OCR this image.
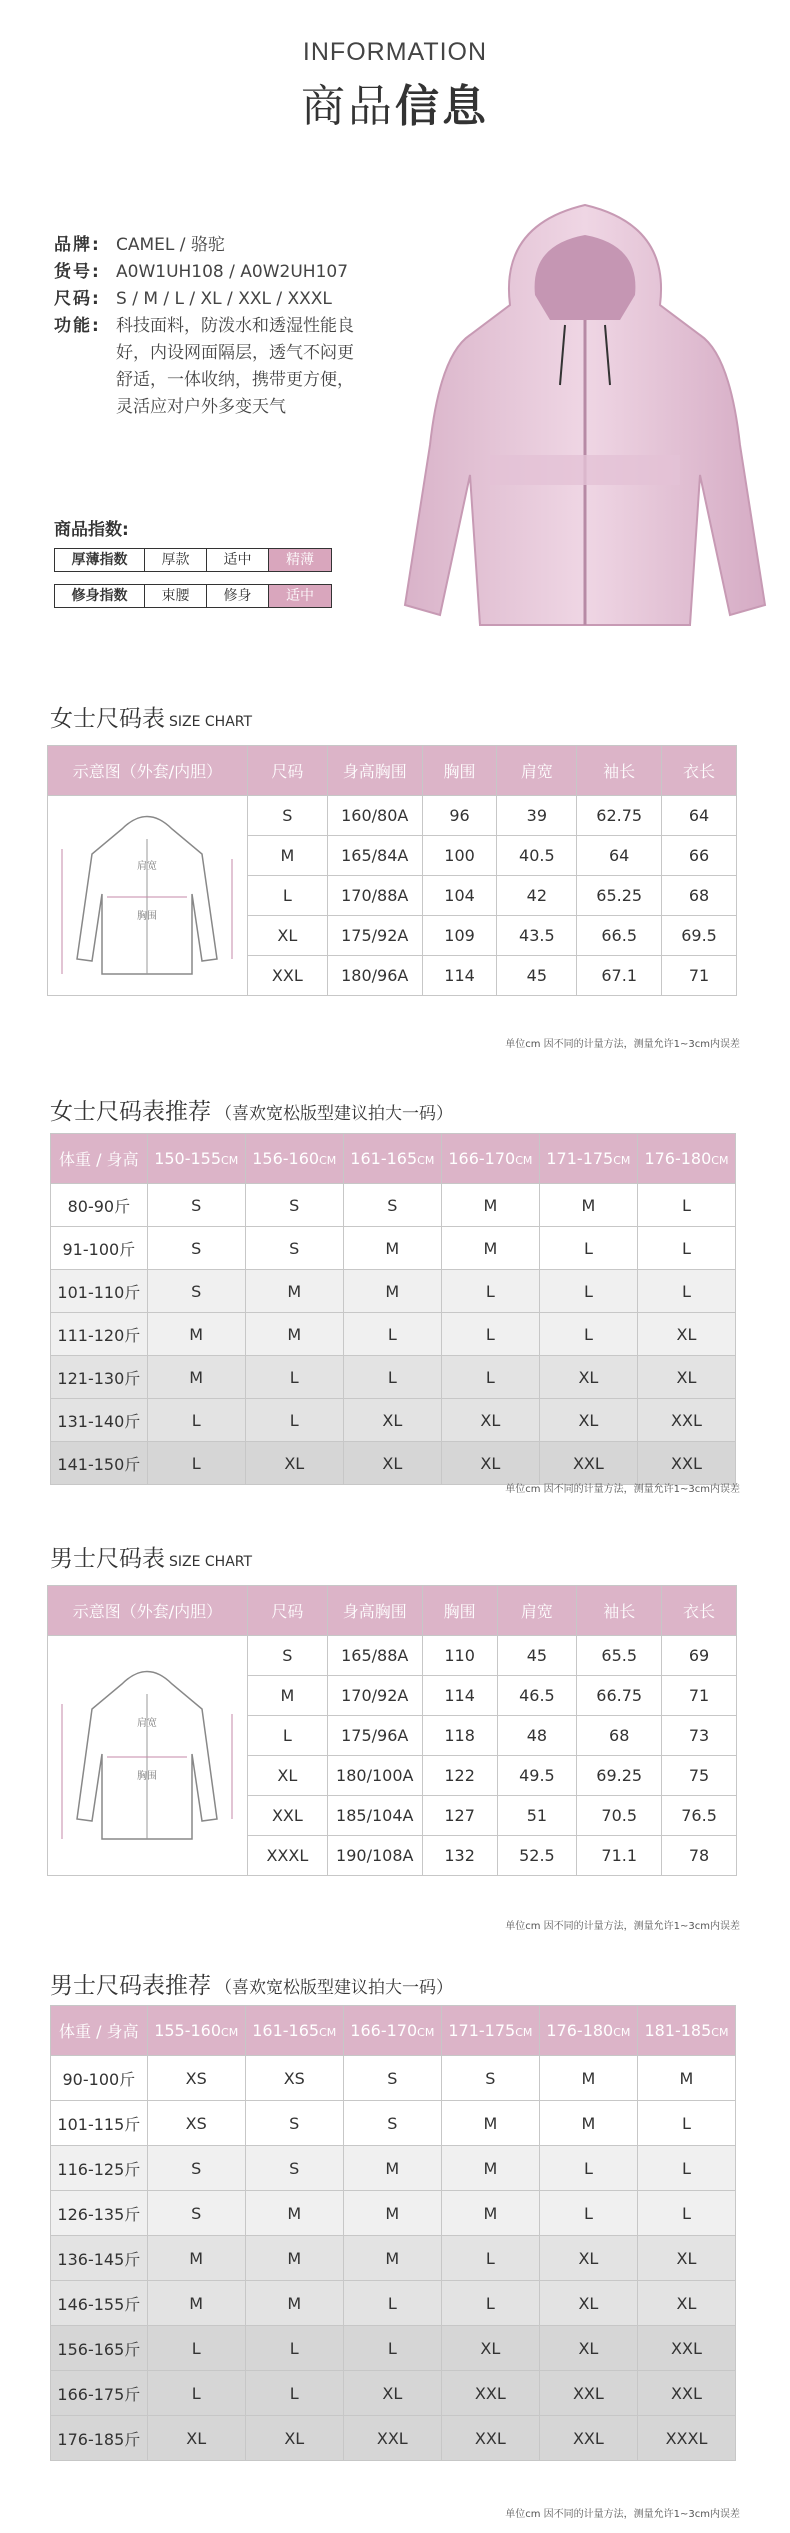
INFORMATION
商品信息
品牌: CAMEL / 骆驼
货号: A0W1UH108 / A0W2UH107
尺码: S / M / L / XL / XXL / XXXL
功能: 科技面料，防泼水和透湿性能良好，内设网面隔层，透气不闷更舒适，一体收纳，携带更方便，灵活应对户外多变天气
商品指数:
厚薄指数	厚款	适中	精薄
修身指数	束腰	修身	适中
女士尺码表 SIZE CHART
示意图（外套/内胆）	尺码	身高胸围	胸围	肩宽	袖长	衣长

肩宽
胸围	S	160/80A	96	39	62.75	64
	M	165/84A	100	40.5	64	66
	L	170/88A	104	42	65.25	68
	XL	175/92A	109	43.5	66.5	69.5
	XXL	180/96A	114	45	67.1	71
单位cm 因不同的计量方法，测量允许1~3cm内误差
女士尺码表推荐 （喜欢宽松版型建议拍大一码）
体重 / 身高	150-155CM	156-160CM	161-165CM	166-170CM	171-175CM	176-180CM
80-90斤	S	S	S	M	M	L
91-100斤	S	S	M	M	L	L
101-110斤	S	M	M	L	L	L
111-120斤	M	M	L	L	L	XL
121-130斤	M	L	L	L	XL	XL
131-140斤	L	L	XL	XL	XL	XXL
141-150斤	L	XL	XL	XL	XXL	XXL
单位cm 因不同的计量方法，测量允许1~3cm内误差
男士尺码表 SIZE CHART
示意图（外套/内胆）	尺码	身高胸围	胸围	肩宽	袖长	衣长

肩宽
胸围	S	165/88A	110	45	65.5	69
	M	170/92A	114	46.5	66.75	71
	L	175/96A	118	48	68	73
	XL	180/100A	122	49.5	69.25	75
	XXL	185/104A	127	51	70.5	76.5
	XXXL	190/108A	132	52.5	71.1	78
单位cm 因不同的计量方法，测量允许1~3cm内误差
男士尺码表推荐 （喜欢宽松版型建议拍大一码）
体重 / 身高	155-160CM	161-165CM	166-170CM	171-175CM	176-180CM	181-185CM
90-100斤	XS	XS	S	S	M	M
101-115斤	XS	S	S	M	M	L
116-125斤	S	S	M	M	L	L
126-135斤	S	M	M	M	L	L
136-145斤	M	M	M	L	XL	XL
146-155斤	M	M	L	L	XL	XL
156-165斤	L	L	L	XL	XL	XXL
166-175斤	L	L	XL	XXL	XXL	XXL
176-185斤	XL	XL	XXL	XXL	XXL	XXXL
单位cm 因不同的计量方法，测量允许1~3cm内误差
